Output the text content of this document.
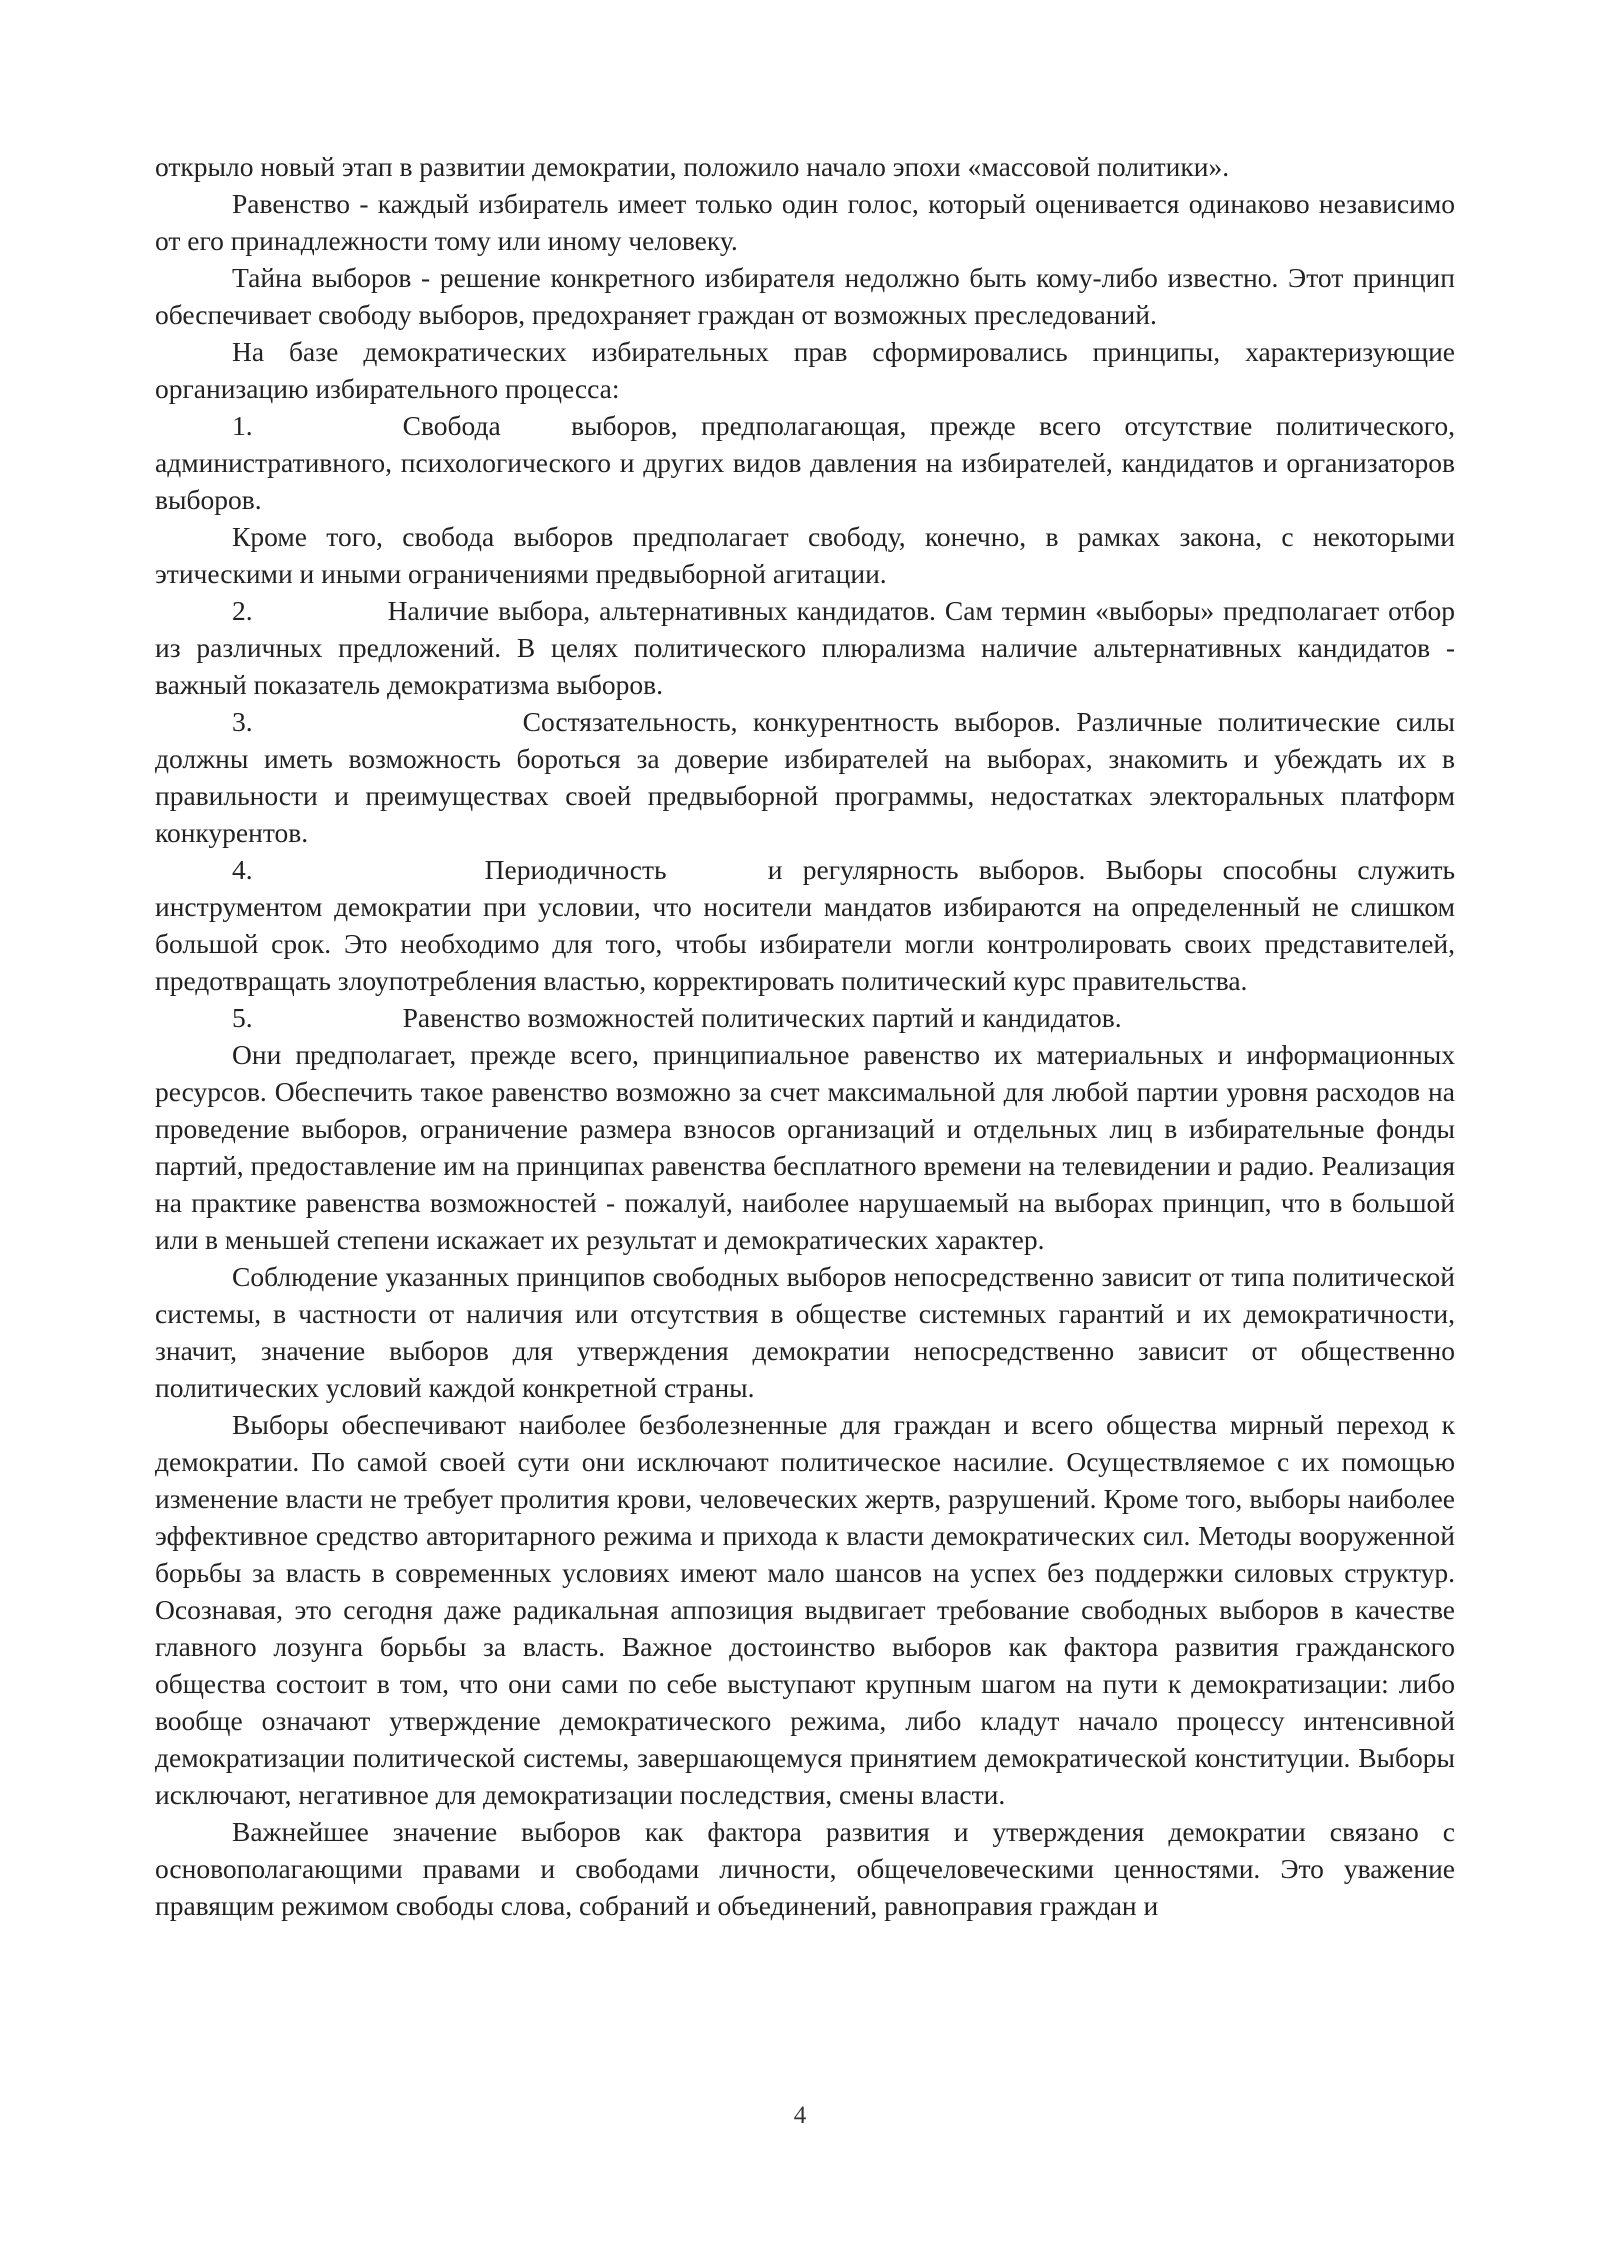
открыло новый этап в развитии демократии, положило начало эпохи «массовой политики».

Равенство - каждый избиратель имеет только один голос, который оценивается одинаково независимо от его принадлежности тому или иному человеку.

Тайна выборов - решение конкретного избирателя недолжно быть кому-либо известно. Этот принцип обеспечивает свободу выборов, предохраняет граждан от возможных преследований.

На базе демократических избирательных прав сформировались принципы, характеризующие организацию избирательного процесса:

1.	Свобода   выборов, предполагающая, прежде всего отсутствие политического, административного, психологического и других видов давления на избирателей, кандидатов и организаторов выборов.

Кроме того, свобода выборов предполагает свободу, конечно, в рамках закона, с некоторыми этическими и иными ограничениями предвыборной агитации.

2.	Наличие выбора, альтернативных кандидатов. Сам термин «выборы» предполагает отбор из различных предложений. В целях политического плюрализма наличие альтернативных кандидатов - важный показатель демократизма выборов.

3.	Состязательность, конкурентность выборов. Различные политические силы должны иметь возможность бороться за доверие избирателей на выборах, знакомить и убеждать их в правильности и преимуществах своей предвыборной программы, недостатках электоральных платформ конкурентов.

4.	Периодичность     и регулярность выборов. Выборы способны служить инструментом демократии при условии, что носители мандатов избираются на определенный не слишком большой срок. Это необходимо для того, чтобы избиратели могли контролировать своих представителей, предотвращать злоупотребления властью, корректировать политический курс правительства.

5.	Равенство возможностей политических партий и кандидатов.

Они предполагает, прежде всего, принципиальное равенство их материальных и информационных ресурсов. Обеспечить такое равенство возможно за счет максимальной для любой партии уровня расходов на проведение выборов, ограничение размера взносов организаций и отдельных лиц в избирательные фонды партий, предоставление им на принципах равенства бесплатного времени на телевидении и радио. Реализация на практике равенства возможностей - пожалуй, наиболее нарушаемый на выборах принцип, что в большой или в меньшей степени искажает их результат и демократических характер.

Соблюдение указанных принципов свободных выборов непосредственно зависит от типа политической системы, в частности от наличия или отсутствия в обществе системных гарантий и их демократичности, значит, значение выборов для утверждения демократии непосредственно зависит от общественно политических условий каждой конкретной страны.

Выборы обеспечивают наиболее безболезненные для граждан и всего общества мирный переход к демократии. По самой своей сути они исключают политическое насилие. Осуществляемое с их помощью изменение власти не требует пролития крови, человеческих жертв, разрушений. Кроме того, выборы наиболее эффективное средство авторитарного режима и прихода к власти демократических сил. Методы вооруженной борьбы за власть в современных условиях имеют мало шансов на успех без поддержки силовых структур. Осознавая, это сегодня даже радикальная аппозиция выдвигает требование свободных выборов в качестве главного лозунга борьбы за власть. Важное достоинство выборов как фактора развития гражданского общества состоит в том, что они сами по себе выступают крупным шагом на пути к демократизации: либо вообще означают утверждение демократического режима, либо кладут начало процессу интенсивной демократизации политической системы, завершающемуся принятием демократической конституции. Выборы исключают, негативное для демократизации последствия, смены власти.

Важнейшее значение выборов как фактора развития и утверждения демократии связано с основополагающими правами и свободами личности, общечеловеческими ценностями. Это уважение правящим режимом свободы слова, собраний и объединений, равноправия граждан и

4
